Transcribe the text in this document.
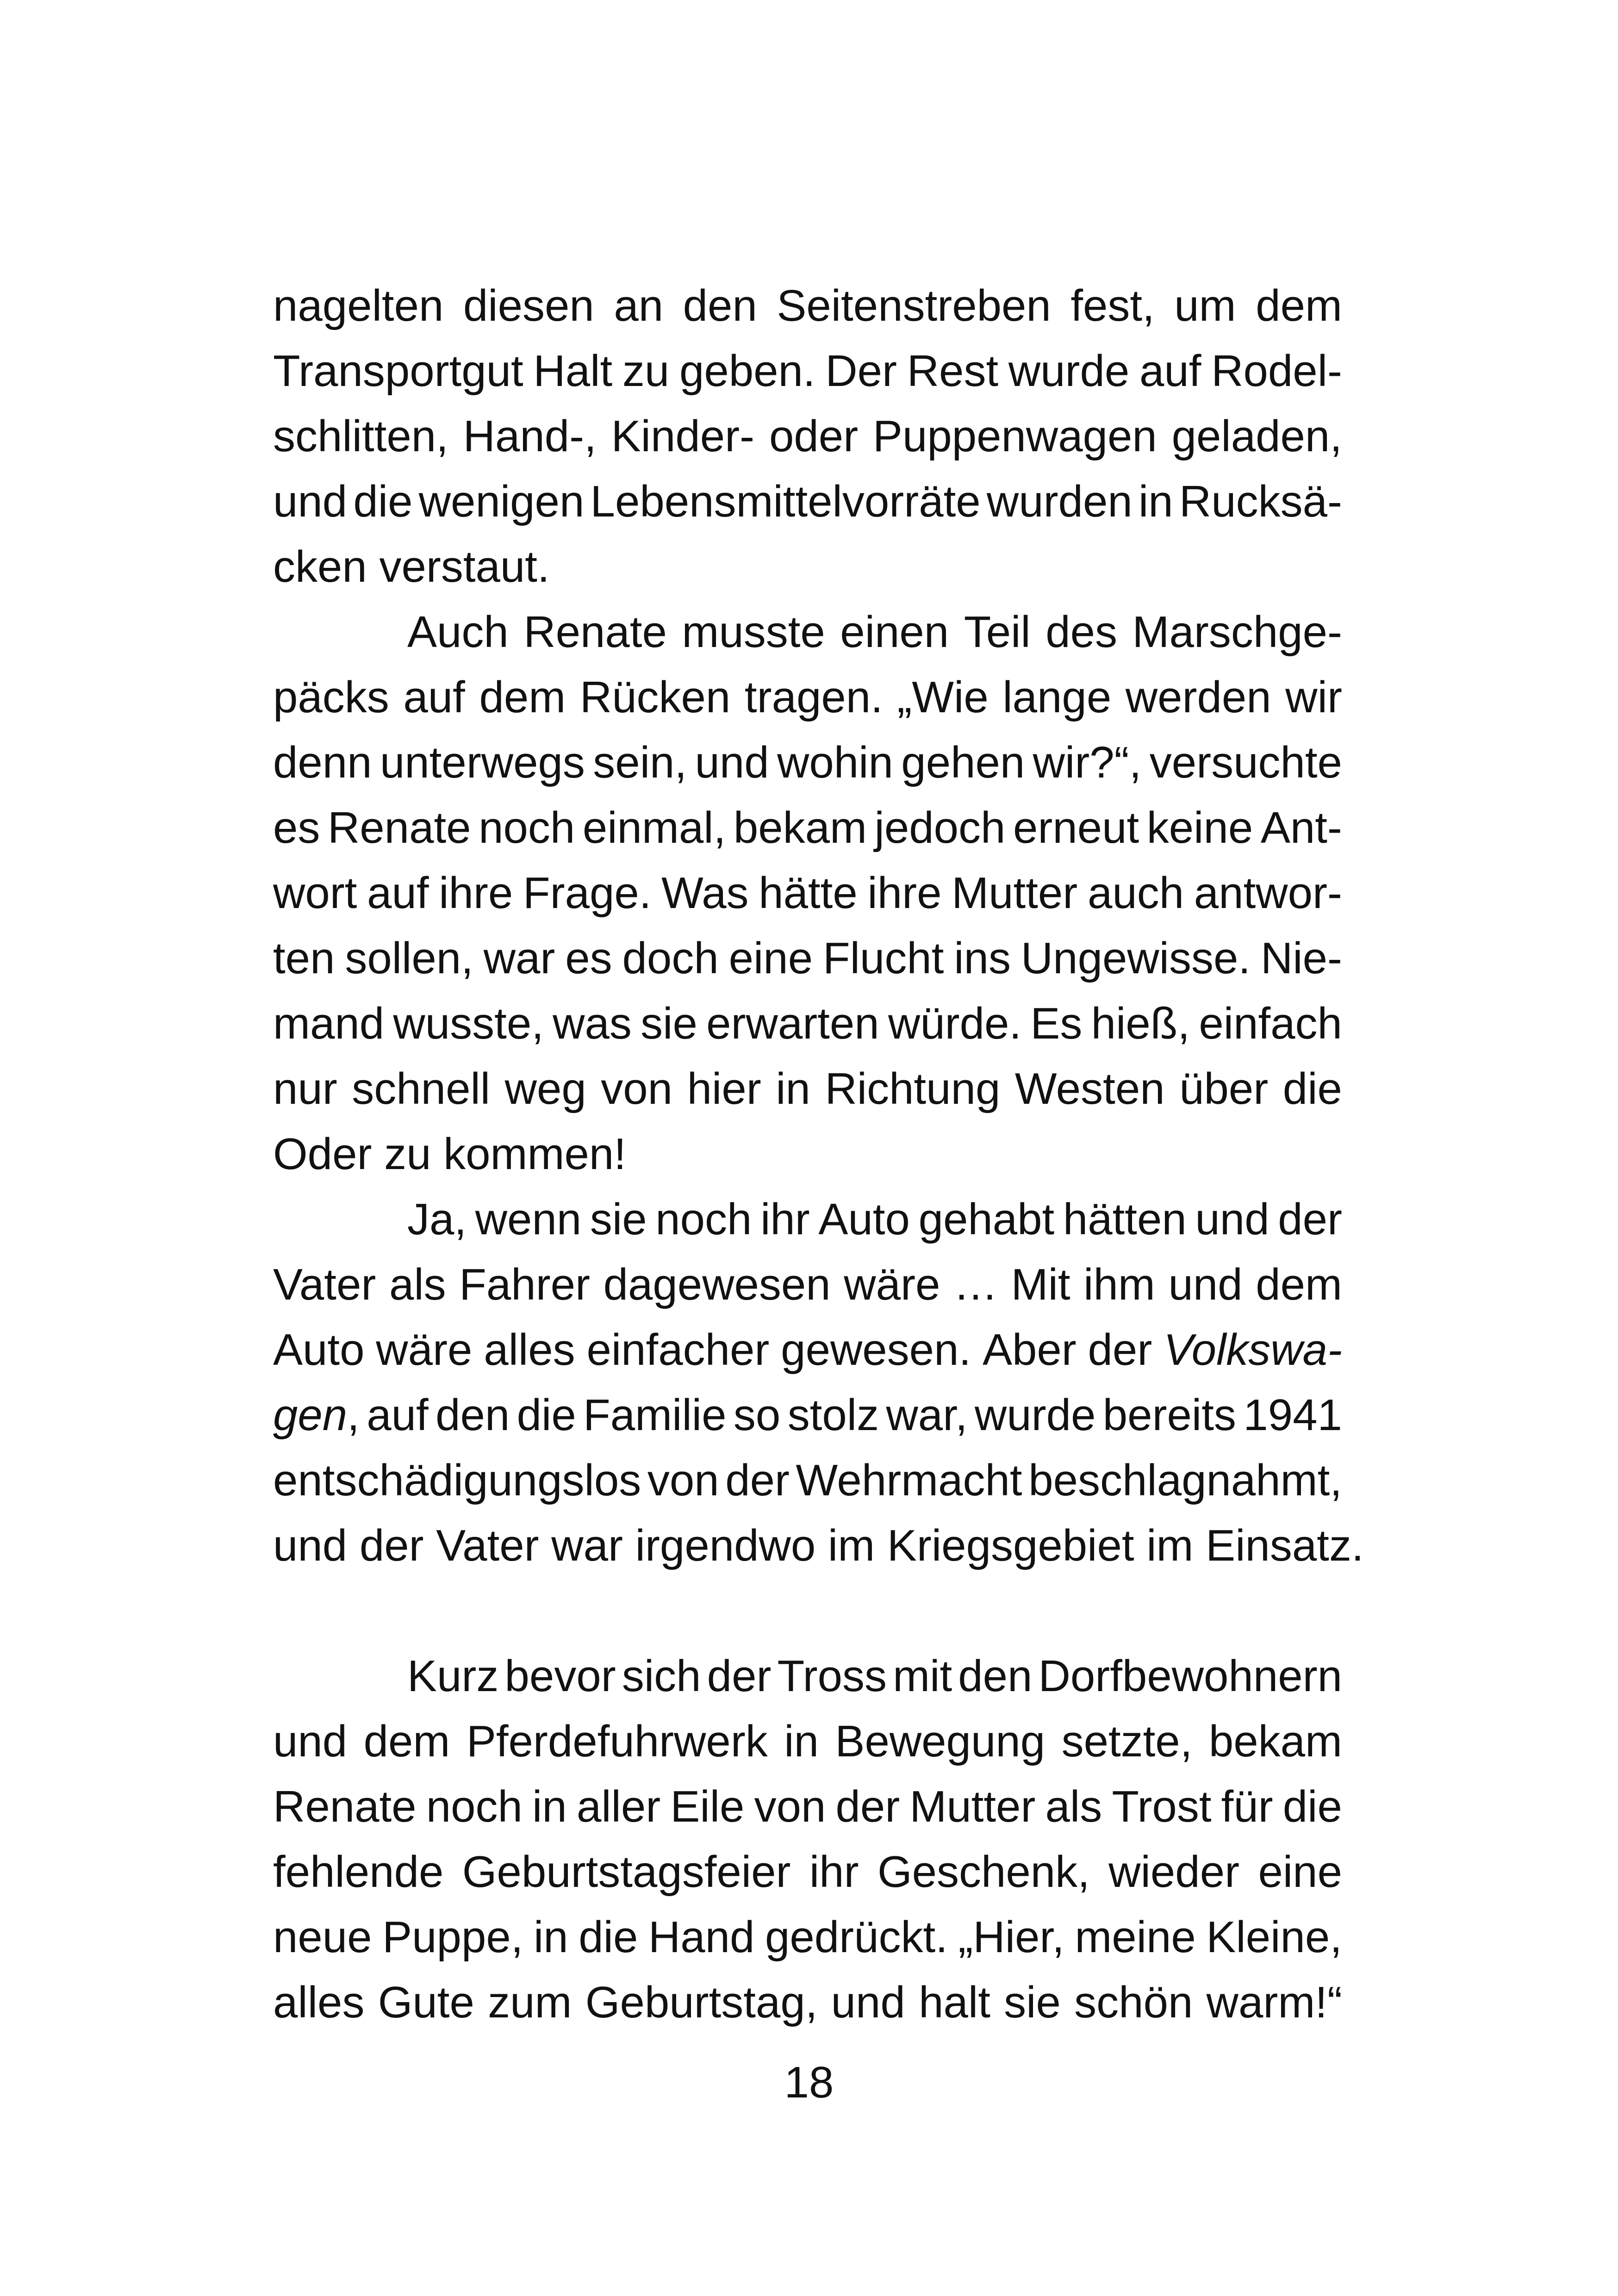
nagelten diesen an den Seitenstreben fest, um dem
Transportgut Halt zu geben. Der Rest wurde auf Rodel-
schlitten, Hand-, Kinder- oder Puppenwagen geladen,
und die wenigen Lebensmittelvorräte wurden in Rucksä-
cken verstaut.
Auch Renate musste einen Teil des Marschge-
päcks auf dem Rücken tragen. „Wie lange werden wir
denn unterwegs sein, und wohin gehen wir?“, versuchte
es Renate noch einmal, bekam jedoch erneut keine Ant-
wort auf ihre Frage. Was hätte ihre Mutter auch antwor-
ten sollen, war es doch eine Flucht ins Ungewisse. Nie-
mand wusste, was sie erwarten würde. Es hieß, einfach
nur schnell weg von hier in Richtung Westen über die
Oder zu kommen!
Ja, wenn sie noch ihr Auto gehabt hätten und der
Vater als Fahrer dagewesen wäre … Mit ihm und dem
Auto wäre alles einfacher gewesen. Aber der Volkswa-
gen, auf den die Familie so stolz war, wurde bereits 1941
entschädigungslos von der Wehrmacht beschlagnahmt,
und der Vater war irgendwo im Kriegsgebiet im Einsatz.
Kurz bevor sich der Tross mit den Dorfbewohnern
und dem Pferdefuhrwerk in Bewegung setzte, bekam
Renate noch in aller Eile von der Mutter als Trost für die
fehlende Geburtstagsfeier ihr Geschenk, wieder eine
neue Puppe, in die Hand gedrückt. „Hier, meine Kleine,
alles Gute zum Geburtstag, und halt sie schön warm!“
18
